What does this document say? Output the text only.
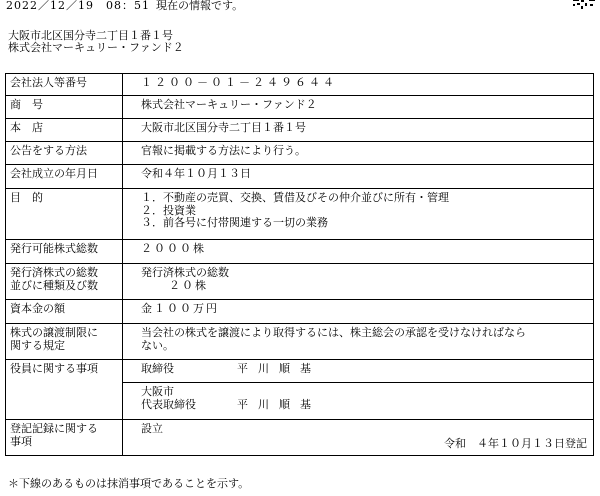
2022／12／19　08：51 現在の情報です。
大阪市北区国分寺二丁目１番１号
株式会社マーキュリー・ファンド２
会社法人等番号	１２００－０１－２４９６４４
商　号	株式会社マーキュリー・ファンド２
本　店	大阪市北区国分寺二丁目１番１号
公告をする方法	官報に掲載する方法により行う。
会社成立の年月日	令和４年１０月１３日
目　的	１．不動産の売買、交換、賃借及びその仲介並びに所有・管理
２．投資業
３．前各号に付帯関連する一切の業務

発行可能株式総数	２０００株

発行済株式の総数
並びに種類及び数	発行済株式の総数
２０株

資本金の額	金１００万円

株式の譲渡制限に
関する規定	当会社の株式を譲渡により取得するには、株主総会の承認を受けなければなら
ない。

役員に関する事項	取締役 平川順基
大阪市
代表取締役 平川順基

登記記録に関する
事項	設立
令和　４年１０月１３日登記
＊下線のあるものは抹消事項であることを示す。
